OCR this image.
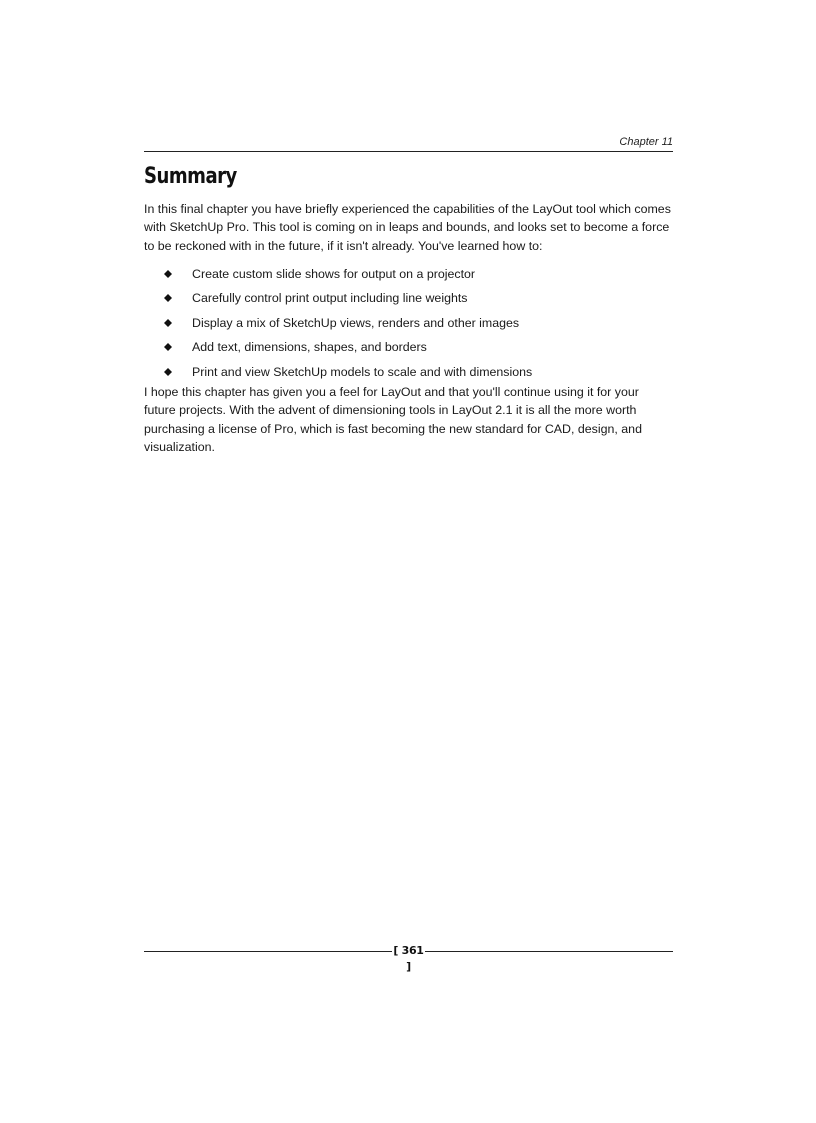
Chapter 11
Summary

In this final chapter you have briefly experienced the capabilities of the LayOut tool which comes with SketchUp Pro. This tool is coming on in leaps and bounds, and looks set to become a force to be reckoned with in the future, if it isn't already. You've learned how to:

Create custom slide shows for output on a projector
Carefully control print output including line weights
Display a mix of SketchUp views, renders and other images
Add text, dimensions, shapes, and borders
Print and view SketchUp models to scale and with dimensions

I hope this chapter has given you a feel for LayOut and that you'll continue using it for your future projects. With the advent of dimensioning tools in LayOut 2.1 it is all the more worth purchasing a license of Pro, which is fast becoming the new standard for CAD, design, and visualization.

[ 361 ]
